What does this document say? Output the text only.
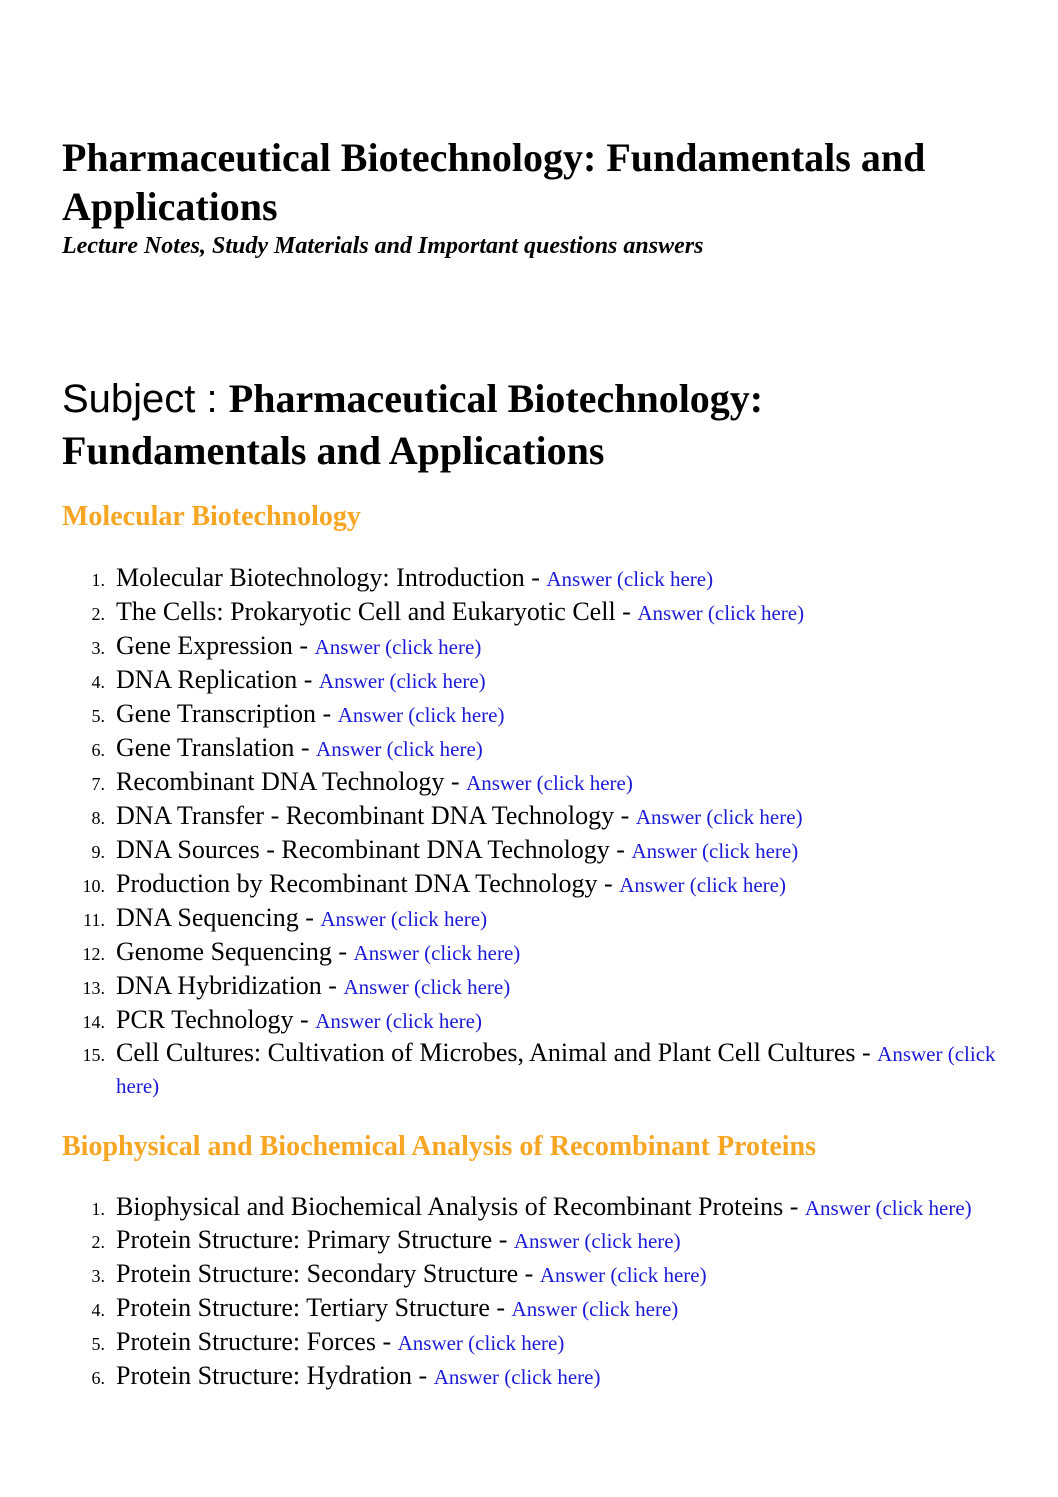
Pharmaceutical Biotechnology: Fundamentals and Applications

Lecture Notes, Study Materials and Important questions answers

Subject : Pharmaceutical Biotechnology: Fundamentals and Applications
Molecular Biotechnology
1. Molecular Biotechnology: Introduction - Answer (click here)
2. The Cells: Prokaryotic Cell and Eukaryotic Cell - Answer (click here)
3. Gene Expression - Answer (click here)
4. DNA Replication - Answer (click here)
5. Gene Transcription - Answer (click here)
6. Gene Translation - Answer (click here)
7. Recombinant DNA Technology - Answer (click here)
8. DNA Transfer - Recombinant DNA Technology - Answer (click here)
9. DNA Sources - Recombinant DNA Technology - Answer (click here)
10. Production by Recombinant DNA Technology - Answer (click here)
11. DNA Sequencing - Answer (click here)
12. Genome Sequencing - Answer (click here)
13. DNA Hybridization - Answer (click here)
14. PCR Technology - Answer (click here)
15. Cell Cultures: Cultivation of Microbes, Animal and Plant Cell Cultures - Answer (click here)
Biophysical and Biochemical Analysis of Recombinant Proteins
1. Biophysical and Biochemical Analysis of Recombinant Proteins - Answer (click here)
2. Protein Structure: Primary Structure - Answer (click here)
3. Protein Structure: Secondary Structure - Answer (click here)
4. Protein Structure: Tertiary Structure - Answer (click here)
5. Protein Structure: Forces - Answer (click here)
6. Protein Structure: Hydration - Answer (click here)
